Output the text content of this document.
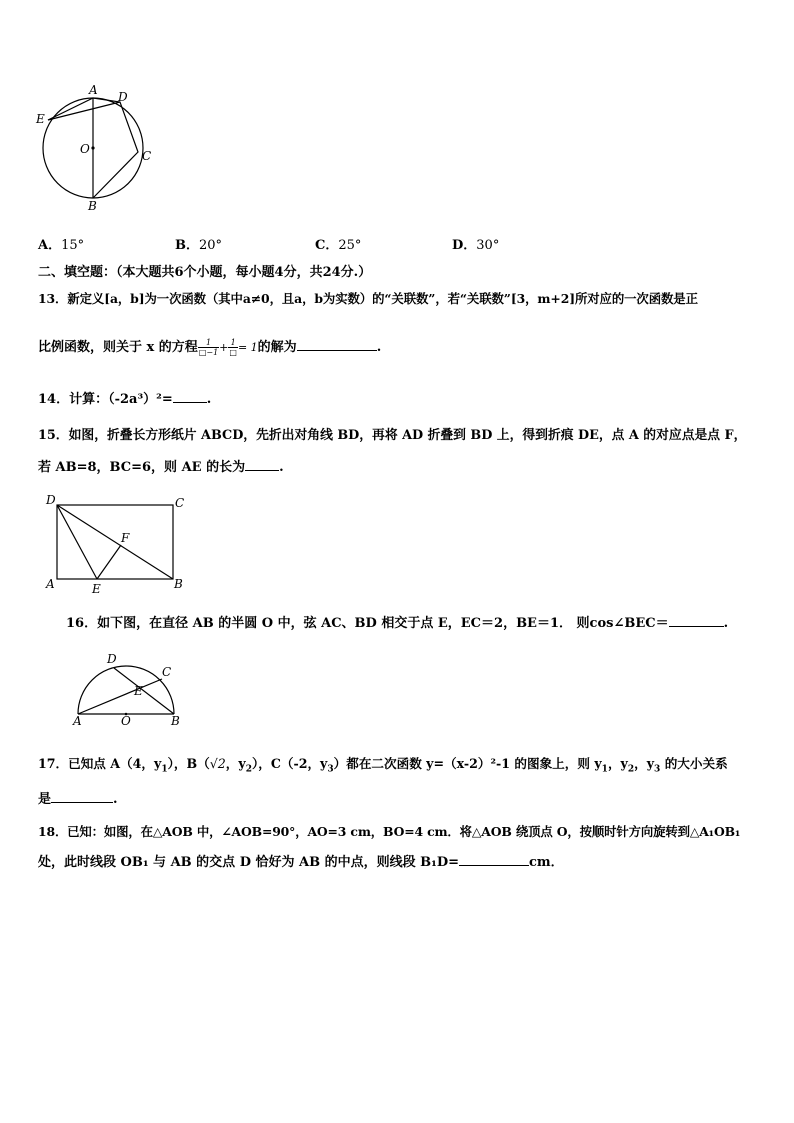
A D
E
O	C
B
A．15°	B．20°	C．25°	D．30°
二、填空题：（本大题共6个小题，每小题4分，共24分.）
13．新定义[a，b]为一次函数（其中a≠0，且a，b为实数）的“关联数”，若“关联数”[3，m+2]所对应的一次函数是正
比例函数，则关于 x 的方程 $\frac{1}{□-1} + \frac{1}{□} = 1$的解为	.
14．计算：（-2a³）²=	.
15．如图，折叠长方形纸片 ABCD，先折出对角线 BD，再将 AD 折叠到 BD 上，得到折痕 DE，点 A 的对应点是点 F，
若 AB=8，BC=6，则 AE 的长为	.
D	C
F
A	E	B
16．如下图，在直径 AB 的半圆 O 中，弦 AC、BD 相交于点 E，EC＝2，BE＝1． 则cos∠BEC＝	.
D
C
E
A	O	B
17．已知点 A（4，$y_1$），B（√2，$y_2$），C（-2，$y_3$）都在二次函数 y=（x-2）²-1 的图象上，则 $y_1$，$y_2$，$y_3$ 的大小关系
是	.
18．已知：如图，在△AOB 中，∠AOB=90°，AO=3 cm，BO=4 cm．将△AOB 绕顶点 O，按顺时针方向旋转到△A₁OB₁
处，此时线段 OB₁ 与 AB 的交点 D 恰好为 AB 的中点，则线段 B₁D=	cm．
